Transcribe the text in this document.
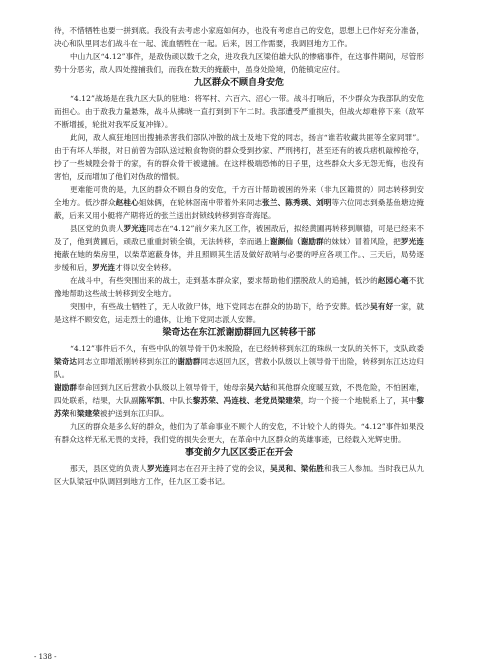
待，不惜牺牲也要一拼到底。我没有去考虑小家庭如何办，也没有考虑自己的安危，思想上已作好充分准备，决心和队里同志们战斗在一起、流血牺牲在一起。后来，因工作需要，我调回地方工作。

中山九区“4.12”事件，是敌伪顽以数千之众，进攻我九区梁伯雄大队的惨痛事件，在这事件期间，尽管形势十分恶劣，敌人四处搜捕我们，而我在数天的掩蔽中，虽身处险境，仍能镇定应付。

九区群众不顾自身安危

“4.12”战场是在我九区大队的驻地：将军村、六百六、沼心一带。战斗打响后，不少群众为我部队的安危而担心。由于敌我力量悬殊，战斗从拂晓一直打到到下午二时。我部遭受严重损失，但战火却难停下来（敌军不断增援，轮批对我军反复冲锋）。

此间，敌人疯狂地回出搜捕杀害我们部队冲散的战士及地下党的同志，扬言“谁若收藏共匪等全家同罪”。由于有坏人举报，对日前曾为部队送过粮食物资的群众受到抄家、严刑拷打，甚至还有的被兵痞机敲榨抢夺，抄了一些城隍会骨于的家，有的群众骨干被逮捕。在这样极端恐怖的日子里，这些群众大多无怨无悔，也没有害怕，反而增加了他们对伪敌的憎恨。

更难能可贵的是，九区的群众不顾自身的安危，千方百计帮助被困的外来（非九区籍贯的）同志转移到安全地方。低沙群众赵桂心姐妹俩，在轮林滘南中带着外来同志张兰、陈秀瑛、刘明等六位同志到桑基鱼塘边掩蔽，后来又用小艇将产期将近的张兰送出封锁线转移到容奇海尾。

县区党的负责人罗光连同志在“4.12”前夕来九区工作，被困敌后，拟经黄圃再转移到顺德，可是已经来不及了，他到黄圃后，顽敌已重重封锁全镇，无法转移，幸而遇上谢颜仙（谢励群的妹妹）冒着风险，把罗光连掩蔽在她的柴房里，以柴草遮蔽身体，并且照顾其生活及做好敌哨与必要的呼应各项工作。、三天后，局势逐步缓和后，罗光连才得以安全转移。

在战斗中，有些突围出来的战士，走到基本群众家，要求帮助他们摆脱敌人的追捕，低沙的赵园心毫不犹豫地帮助这些战士转移到安全地方。

突围中，有些战士牺牲了，无人收敛尸体，地下党同志在群众的协助下，给予安葬。低沙吴有好一家，就是这样不顾安危，运走烈士的遗体，让地下党同志派人安葬。

梁奇达在东江派谢励群回九区转移干部

“4.12”事件后不久，有些中队的领导骨干仍未脱险，在已经转移到东江的珠纵一支队的关怀下，支队政委梁奇达同志立即增派刚转移到东江的谢励群同志返回九区，营救小队级以上领导骨干出险，转移到东江达边归队。

谢励群奉命回到九区后营救小队级以上领导骨干，她母亲吴六姑和其他群众度暖互致，不畏危险，不怕困难，四处联系，结果，大队副陈军凯、中队长黎苏荣、冯连枝、老党员梁建荣，均一个接一个地脱系上了，其中黎苏荣和梁建荣被护送到东江归队。

九区的群众是多么好的群众，他们为了革命事业不顾个人的安危，不计较个人的得失。“4.12”事件如果没有群众这样无私无畏的支持，我们党的损失会更大，在革命中九区群众的英雄事迹，已经载入光辉史册。

事变前夕九区区委正在开会

那天，县区党的负责人罗光连同志在召开主持了党的会议，吴灵和、梁佑胜和我三人参加。当时我已从九区大队梁冠中队调回到地方工作，任九区工委书记。

- 138 -
